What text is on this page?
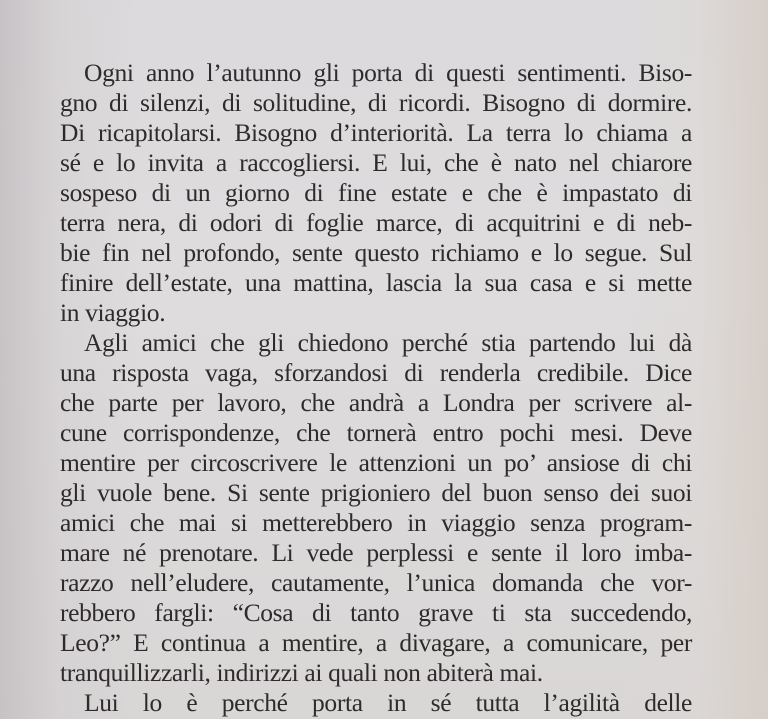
Ogni anno l’autunno gli porta di questi sentimenti. Biso-
gno di silenzi, di solitudine, di ricordi. Bisogno di dormire.
Di ricapitolarsi. Bisogno d’interiorità. La terra lo chiama a
sé e lo invita a raccogliersi. E lui, che è nato nel chiarore
sospeso di un giorno di fine estate e che è impastato di
terra nera, di odori di foglie marce, di acquitrini e di neb-
bie fin nel profondo, sente questo richiamo e lo segue. Sul
finire dell’estate, una mattina, lascia la sua casa e si mette
in viaggio.
Agli amici che gli chiedono perché stia partendo lui dà
una risposta vaga, sforzandosi di renderla credibile. Dice
che parte per lavoro, che andrà a Londra per scrivere al-
cune corrispondenze, che tornerà entro pochi mesi. Deve
mentire per circoscrivere le attenzioni un po’ ansiose di chi
gli vuole bene. Si sente prigioniero del buon senso dei suoi
amici che mai si metterebbero in viaggio senza program-
mare né prenotare. Li vede perplessi e sente il loro imba-
razzo nell’eludere, cautamente, l’unica domanda che vor-
rebbero fargli: “Cosa di tanto grave ti sta succedendo,
Leo?” E continua a mentire, a divagare, a comunicare, per
tranquillizzarli, indirizzi ai quali non abiterà mai.
Lui lo è perché porta in sé tutta l’agilità delle
